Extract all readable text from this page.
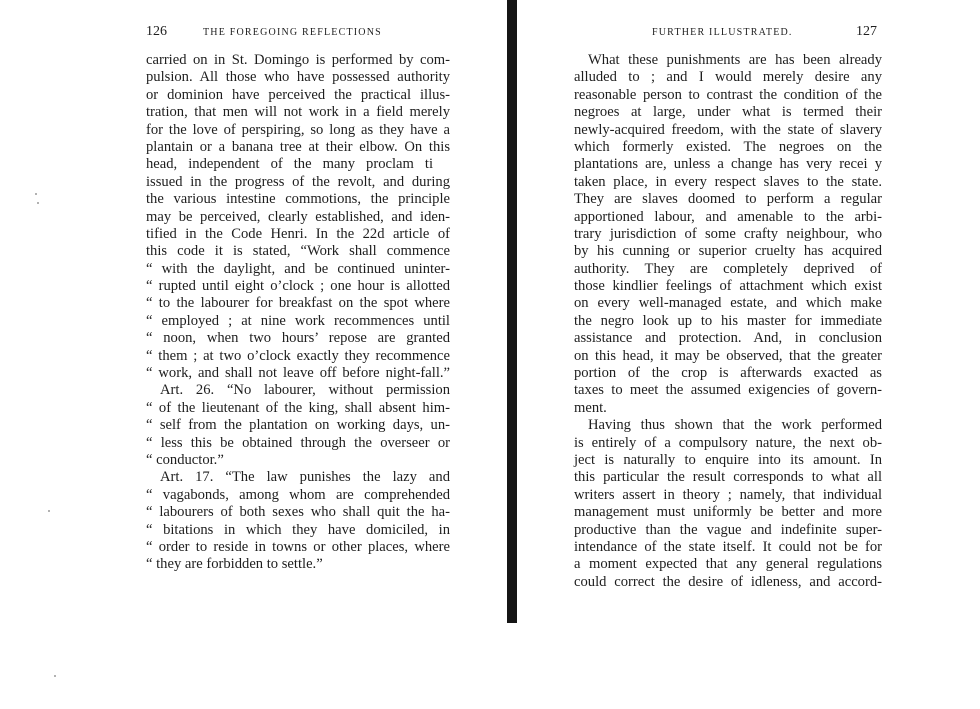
126	THE FOREGOING REFLECTIONS
carried on in St. Domingo is performed by com-
pulsion. All those who have possessed authority
or dominion have perceived the practical illus-
tration, that men will not work in a field merely
for the love of perspiring, so long as they have a
plantain or a banana tree at their elbow. On this
head, independent of the many proclam ti
issued in the progress of the revolt, and during
the various intestine commotions, the principle
may be perceived, clearly established, and iden-
tified in the Code Henri. In the 22d article of
this code it is stated, “Work shall commence
“ with the daylight, and be continued uninter-
“ rupted until eight o’clock ; one hour is allotted
“ to the labourer for breakfast on the spot where
“ employed ; at nine work recommences until
“ noon, when two hours’ repose are granted
“ them ; at two o’clock exactly they recommence
“ work, and shall not leave off before night-fall.”
Art. 26. “No labourer, without permission
“ of the lieutenant of the king, shall absent him-
“ self from the plantation on working days, un-
“ less this be obtained through the overseer or
“ conductor.”
Art. 17. “The law punishes the lazy and
“ vagabonds, among whom are comprehended
“ labourers of both sexes who shall quit the ha-
“ bitations in which they have domiciled, in
“ order to reside in towns or other places, where
“ they are forbidden to settle.”
FURTHER ILLUSTRATED.	127
What these punishments are has been already
alluded to ; and I would merely desire any
reasonable person to contrast the condition of the
negroes at large, under what is termed their
newly-acquired freedom, with the state of slavery
which formerly existed. The negroes on the
plantations are, unless a change has very recei y
taken place, in every respect slaves to the state.
They are slaves doomed to perform a regular
apportioned labour, and amenable to the arbi-
trary jurisdiction of some crafty neighbour, who
by his cunning or superior cruelty has acquired
authority. They are completely deprived of
those kindlier feelings of attachment which exist
on every well-managed estate, and which make
the negro look up to his master for immediate
assistance and protection. And, in conclusion
on this head, it may be observed, that the greater
portion of the crop is afterwards exacted as
taxes to meet the assumed exigencies of govern-
ment.
Having thus shown that the work performed
is entirely of a compulsory nature, the next ob-
ject is naturally to enquire into its amount. In
this particular the result corresponds to what all
writers assert in theory ; namely, that individual
management must uniformly be better and more
productive than the vague and indefinite super-
intendance of the state itself. It could not be for
a moment expected that any general regulations
could correct the desire of idleness, and accord-
